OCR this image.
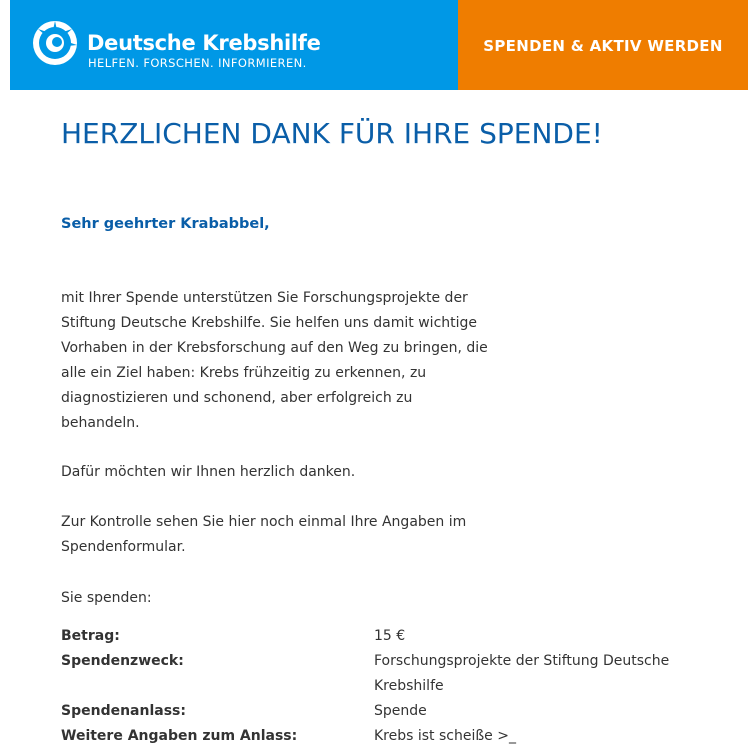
Deutsche Krebshilfe
HELFEN. FORSCHEN. INFORMIEREN.
SPENDEN & AKTIV WERDEN
HERZLICHEN DANK FÜR IHRE SPENDE!
Sehr geehrter Krababbel,
mit Ihrer Spende unterstützen Sie Forschungsprojekte der Stiftung Deutsche Krebshilfe. Sie helfen uns damit wichtige Vorhaben in der Krebsforschung auf den Weg zu bringen, die alle ein Ziel haben: Krebs frühzeitig zu erkennen, zu diagnostizieren und schonend, aber erfolgreich zu behandeln.
Dafür möchten wir Ihnen herzlich danken.
Zur Kontrolle sehen Sie hier noch einmal Ihre Angaben im Spendenformular.
Sie spenden:
Betrag:	15 €
Spendenzweck:	Forschungsprojekte der Stiftung Deutsche Krebshilfe
Spendenanlass:	Spende
Weitere Angaben zum Anlass:	Krebs ist scheiße >_
